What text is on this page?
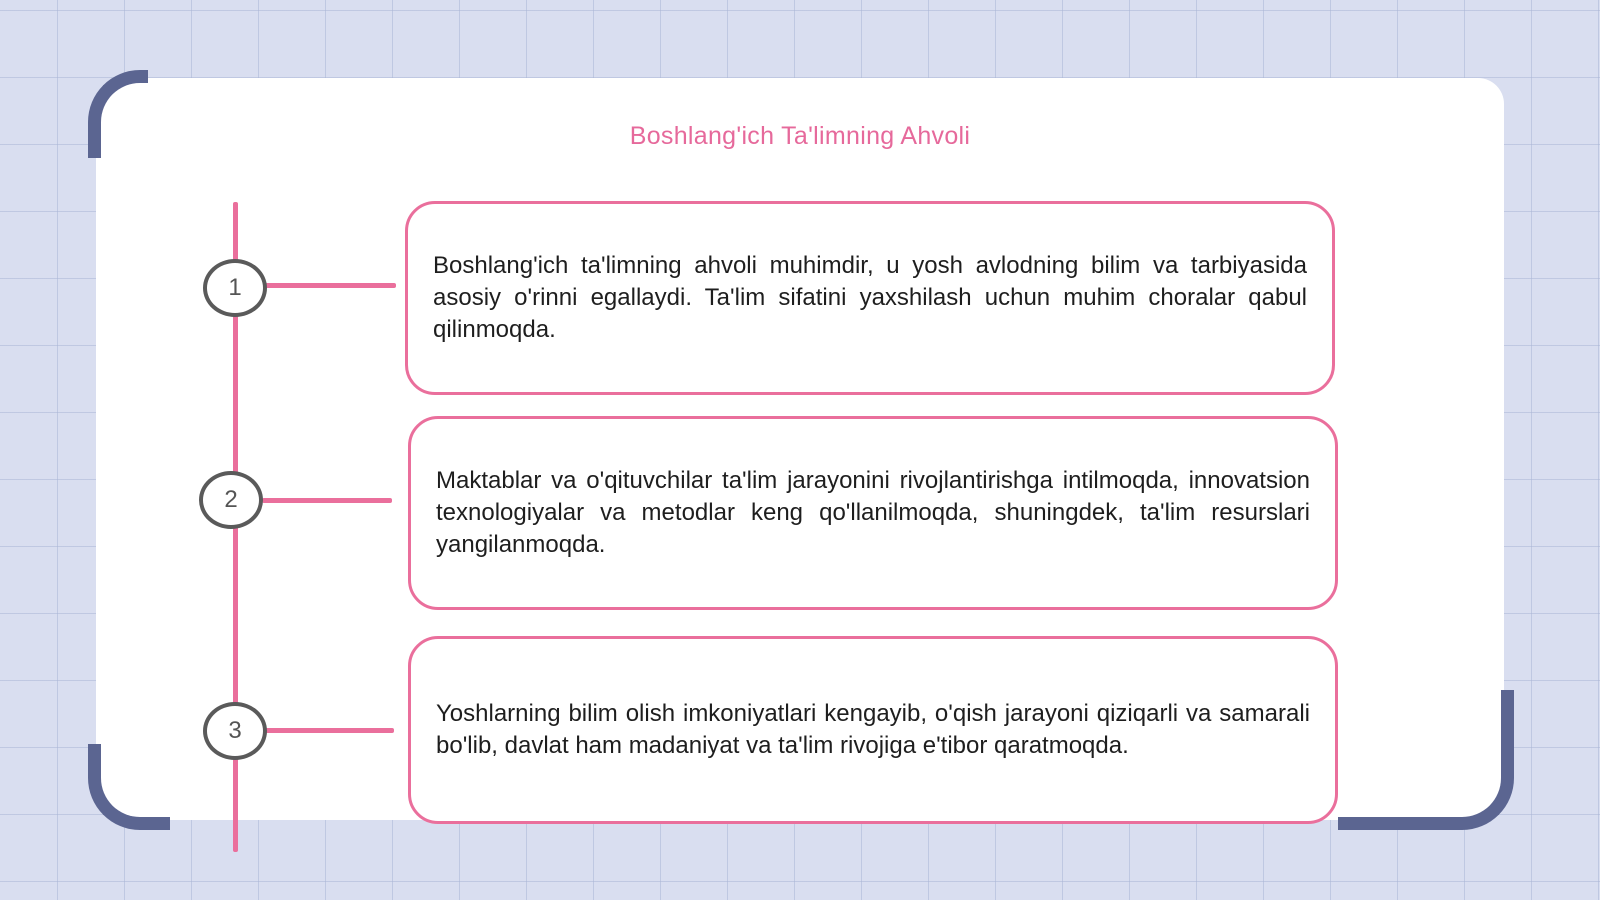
Boshlang'ich Ta'limning Ahvoli
1
2
3

Boshlang'ich ta'limning ahvoli muhimdir, u yosh avlodning bilim va tarbiyasida asosiy o'rinni egallaydi. Ta'lim sifatini yaxshilash uchun muhim choralar qabul qilinmoqda.

Maktablar va o'qituvchilar ta'lim jarayonini rivojlantirishga intilmoqda, innovatsion texnologiyalar va metodlar keng qo'llanilmoqda, shuningdek, ta'lim resurslari yangilanmoqda.

Yoshlarning bilim olish imkoniyatlari kengayib, o'qish jarayoni qiziqarli va samarali bo'lib, davlat ham madaniyat va ta'lim rivojiga e'tibor qaratmoqda.
